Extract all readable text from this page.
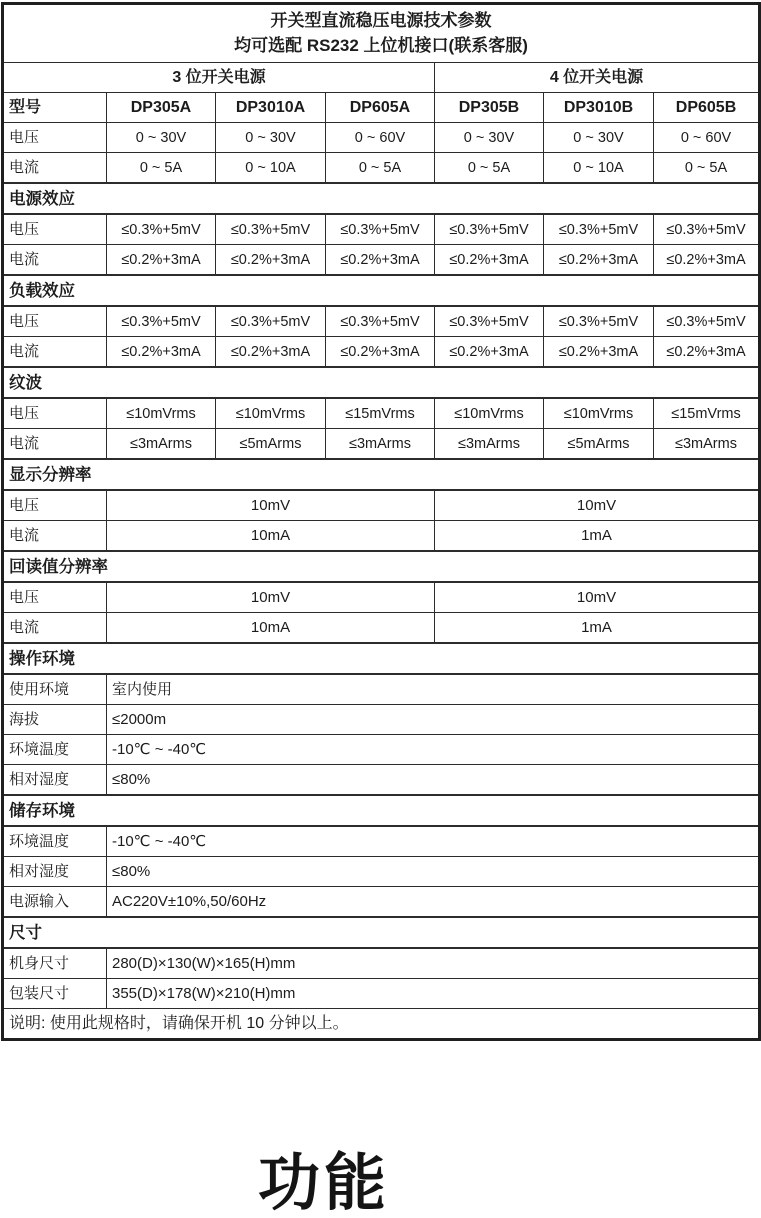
开关型直流稳压电源技术参数
均可选配 RS232 上位机接口(联系客服)						

3 位开关电源				4 位开关电源		
型号	DP305A	DP3010A	DP605A	DP305B	DP3010B	DP605B
电压	0 ~ 30V	0 ~ 30V	0 ~ 60V	0 ~ 30V	0 ~ 30V	0 ~ 60V
电流	0 ~ 5A	0 ~ 10A	0 ~ 5A	0 ~ 5A	0 ~ 10A	0 ~ 5A
电源效应						
电压	≤0.3%+5mV	≤0.3%+5mV	≤0.3%+5mV	≤0.3%+5mV	≤0.3%+5mV	≤0.3%+5mV
电流	≤0.2%+3mA	≤0.2%+3mA	≤0.2%+3mA	≤0.2%+3mA	≤0.2%+3mA	≤0.2%+3mA
负载效应						
电压	≤0.3%+5mV	≤0.3%+5mV	≤0.3%+5mV	≤0.3%+5mV	≤0.3%+5mV	≤0.3%+5mV
电流	≤0.2%+3mA	≤0.2%+3mA	≤0.2%+3mA	≤0.2%+3mA	≤0.2%+3mA	≤0.2%+3mA
纹波						
电压	≤10mVrms	≤10mVrms	≤15mVrms	≤10mVrms	≤10mVrms	≤15mVrms
电流	≤3mArms	≤5mArms	≤3mArms	≤3mArms	≤5mArms	≤3mArms
显示分辨率						
电压	10mV			10mV		
电流	10mA			1mA		
回读值分辨率						
电压	10mV			10mV		
电流	10mA			1mA		
操作环境						
使用环境	室内使用					
海拔	≤2000m					
环境温度	-10℃ ~ -40℃					
相对湿度	≤80%					
储存环境						
环境温度	-10℃ ~ -40℃					
相对湿度	≤80%					
电源输入	AC220V±10%,50/60Hz					
尺寸						
机身尺寸	280(D)×130(W)×165(H)mm					
包装尺寸	355(D)×178(W)×210(H)mm					
说明: 使用此规格时，请确保开机 10 分钟以上。						
功能
